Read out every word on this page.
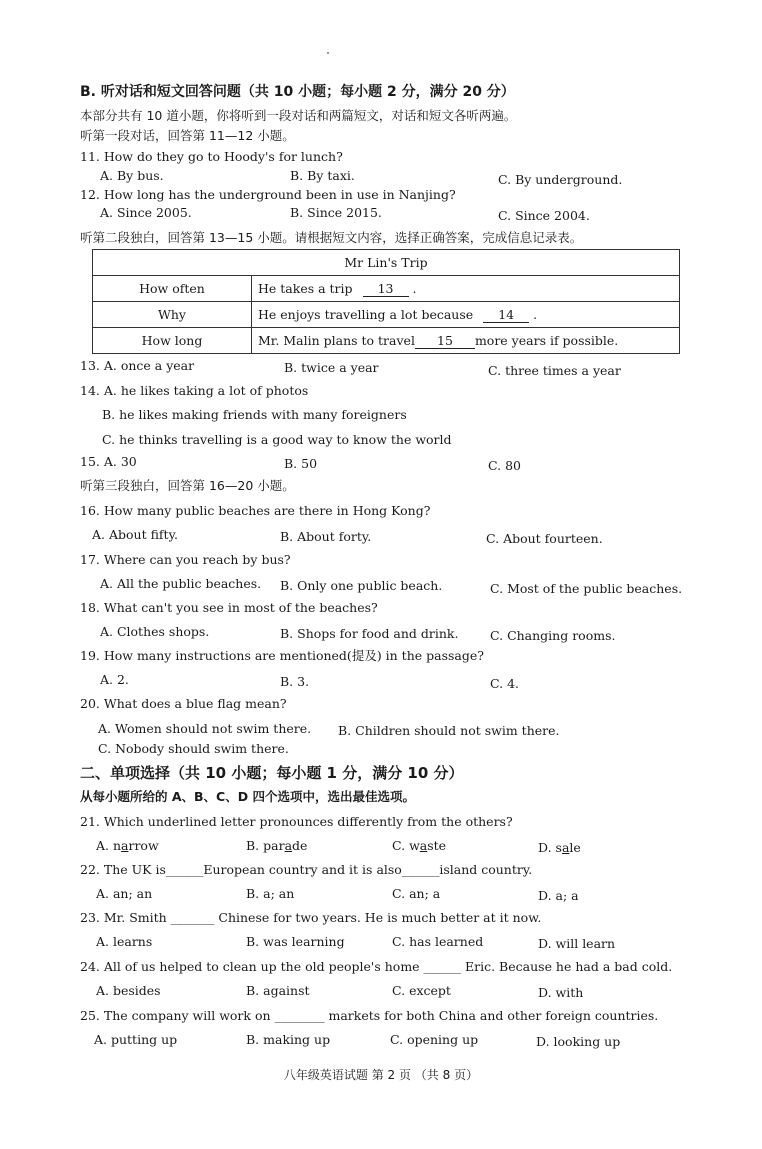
B. 听对话和短文回答问题（共 10 小题；每小题 2 分，满分 20 分）
本部分共有 10 道小题，你将听到一段对话和两篇短文，对话和短文各听两遍。
听第一段对话，回答第 11—12 小题。
11. How do they go to Hoody's for lunch?
A. By bus.	B. By taxi.	C. By underground.
12. How long has the underground been in use in Nanjing?
A. Since 2005.	B. Since 2015.	C. Since 2004.
听第二段独白，回答第 13—15 小题。请根据短文内容，选择正确答案，完成信息记录表。
Mr Lin's Trip	
How often	He takes a trip 13 .
Why	He enjoys travelling a lot because 14 .
How long	Mr. Malin plans to travel 15 more years if possible.
13. A. once a year	B. twice a year	C. three times a year
14. A. he likes taking a lot of photos
B. he likes making friends with many foreigners
C. he thinks travelling is a good way to know the world
15. A. 30	B. 50	C. 80
听第三段独白，回答第 16—20 小题。
16. How many public beaches are there in Hong Kong?
A. About fifty.	B. About forty.	C. About fourteen.
17. Where can you reach by bus?
A. All the public beaches. B. Only one public beach.	C. Most of the public beaches.
18. What can't you see in most of the beaches?
A. Clothes shops.	B. Shops for food and drink.	C. Changing rooms.
19. How many instructions are mentioned(提及) in the passage?
A. 2.	B. 3.	C. 4.
20. What does a blue flag mean?
A. Women should not swim there. B. Children should not swim there.
C. Nobody should swim there.
二、单项选择（共 10 小题；每小题 1 分，满分 10 分）
从每小题所给的 A、B、C、D 四个选项中，选出最佳选项。
21. Which underlined letter pronounces differently from the others?
A. narrow	B. parade	C. waste	D. sale
22. The UK is______European country and it is also______island country.
A. an; an	B. a; an	C. an; a	D. a; a
23. Mr. Smith _______ Chinese for two years. He is much better at it now.
A. learns	B. was learning	C. has learned	D. will learn
24. All of us helped to clean up the old people's home ______ Eric. Because he had a bad cold.
A. besides	B. against	C. except	D. with
25. The company will work on ________ markets for both China and other foreign countries.
A. putting up	B. making up	C. opening up	D. looking up
八年级英语试题 第 2 页 （共 8 页）
